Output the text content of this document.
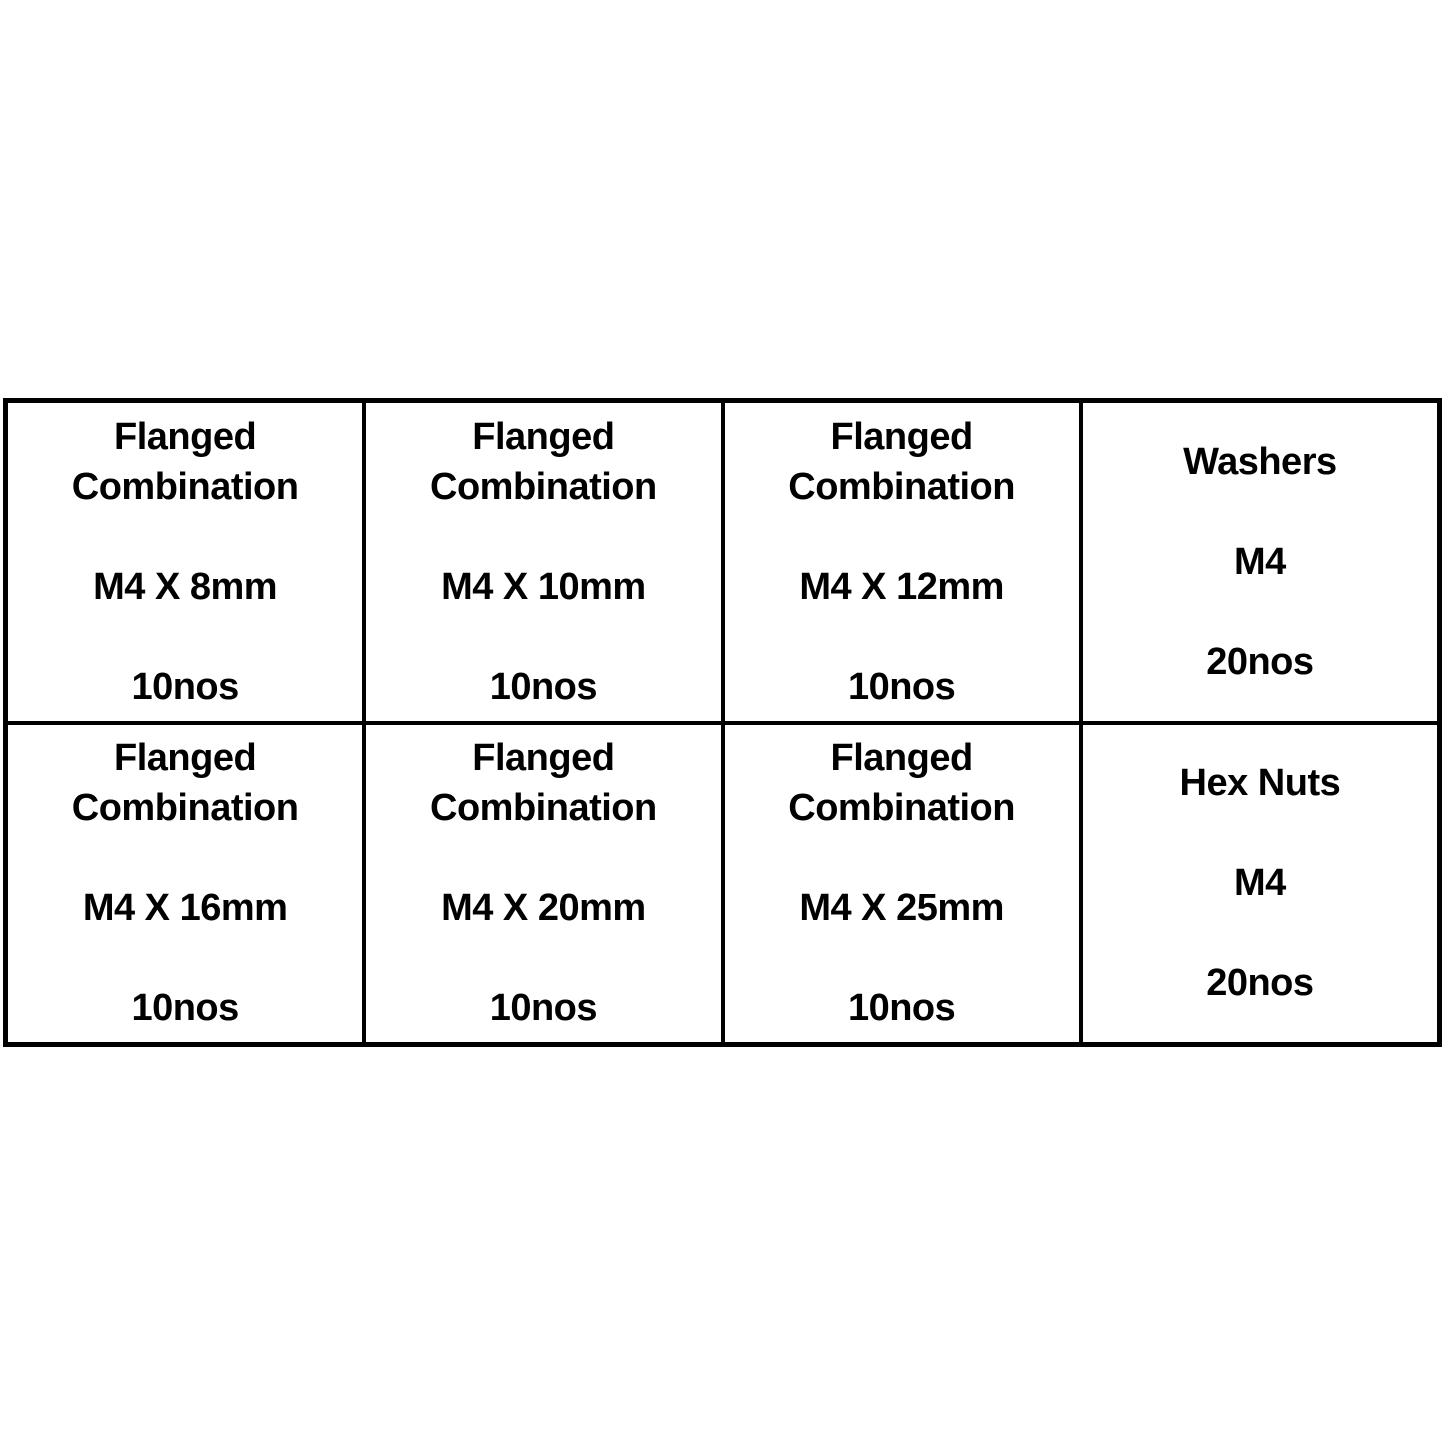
Flanged Combination
M4 X 8mm
10nos
Flanged Combination
M4 X 10mm
10nos
Flanged Combination
M4 X 12mm
10nos
Washers
M4
20nos
Flanged Combination
M4 X 16mm
10nos
Flanged Combination
M4 X 20mm
10nos
Flanged Combination
M4 X 25mm
10nos
Hex Nuts
M4
20nos
